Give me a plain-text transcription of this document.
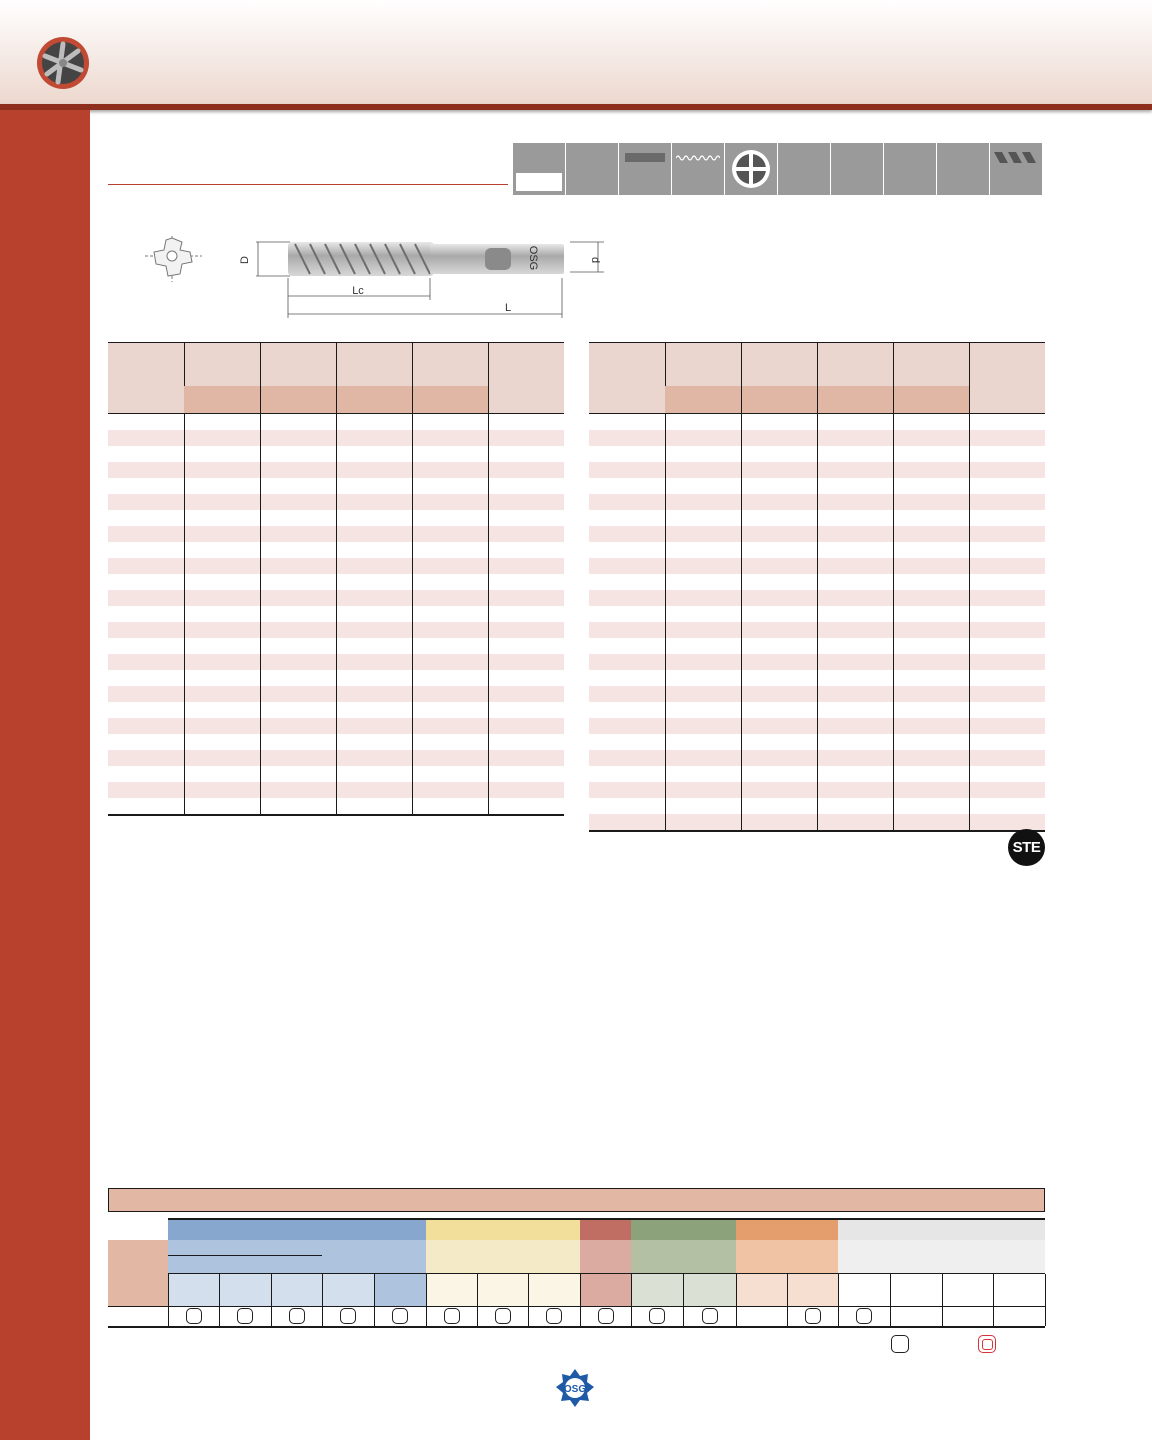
D	d
Lc
L
OSG

STE
OSG
